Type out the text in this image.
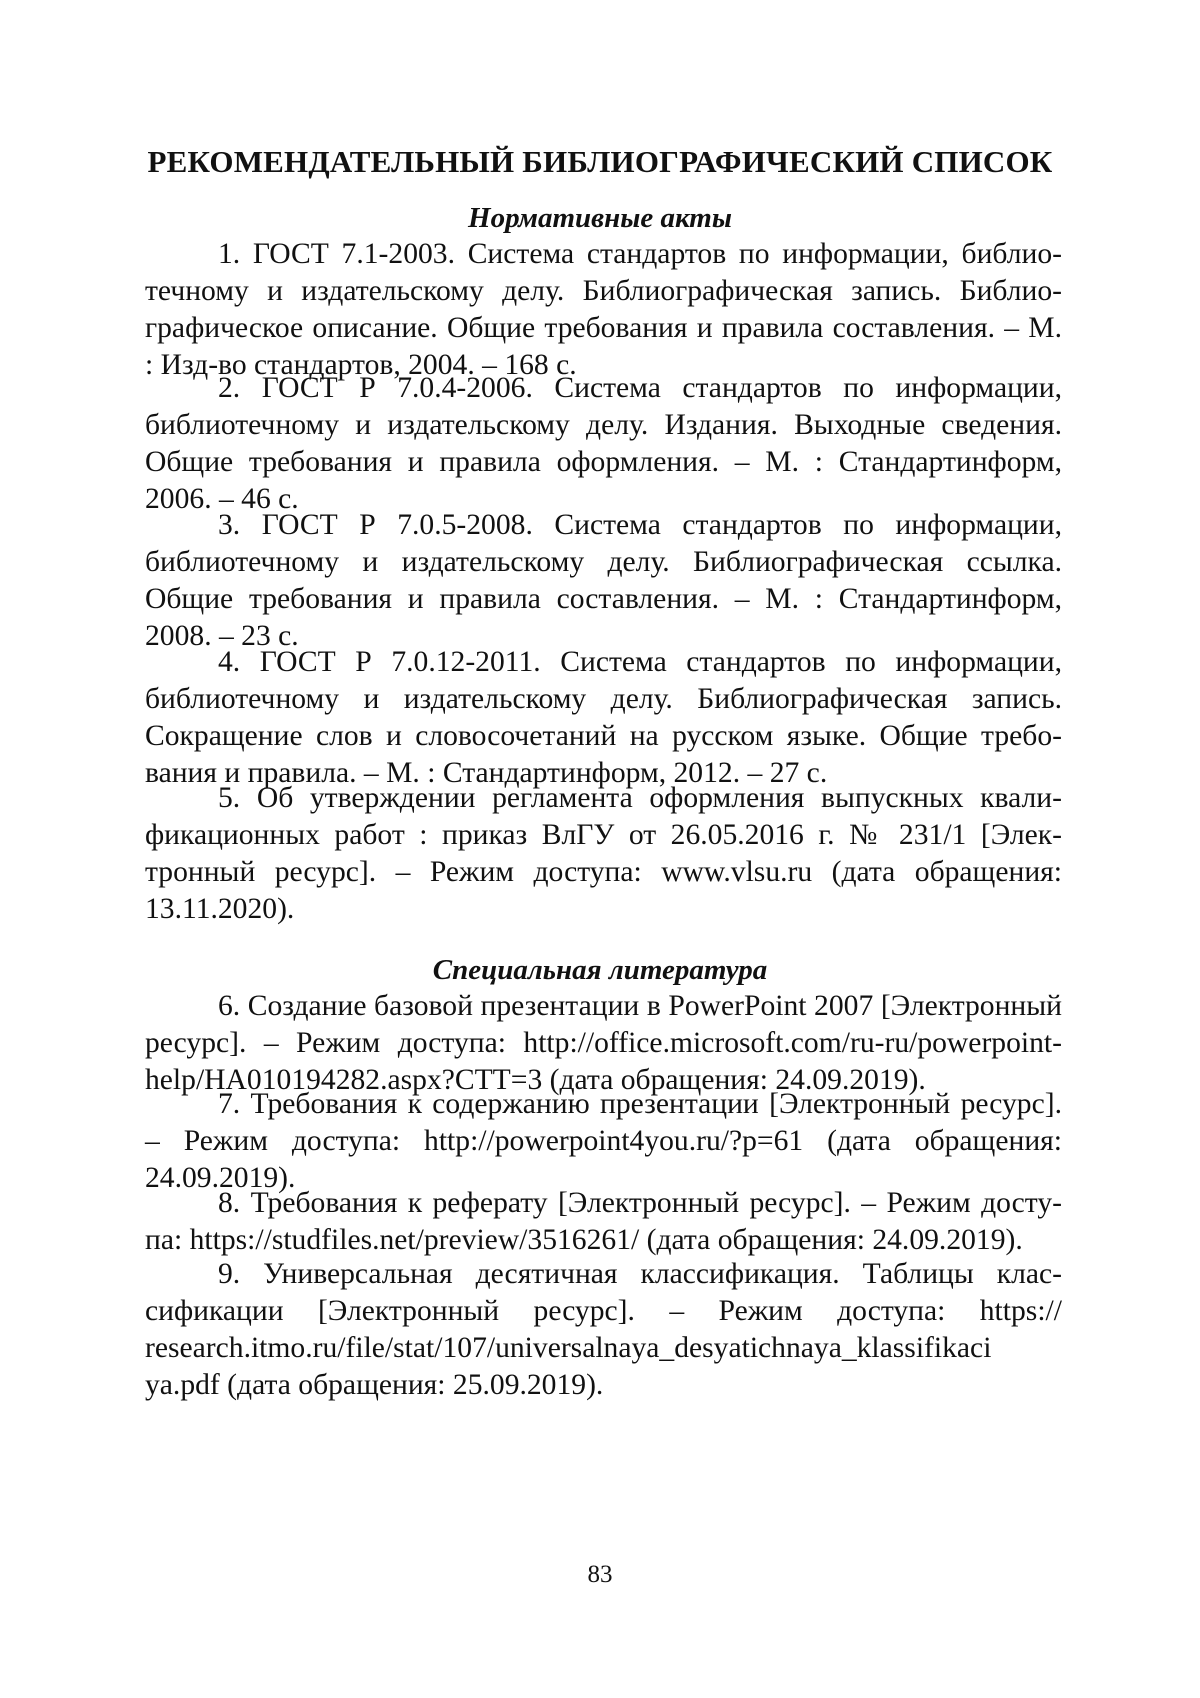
РЕКОМЕНДАТЕЛЬНЫЙ БИБЛИОГРАФИЧЕСКИЙ СПИСОК
Нормативные акты
1. ГОСТ 7.1-2003. Система стандартов по информации, библиотечному и издательскому делу. Библиографическая запись. Библиографическое описание. Общие требования и правила составления. – М. : Изд-во стандартов, 2004. – 168 с.
2. ГОСТ Р 7.0.4-2006. Система стандартов по информации, библиотечному и издательскому делу. Издания. Выходные сведения. Общие требования и правила оформления. – М. : Стандартинформ, 2006. – 46 с.
3. ГОСТ Р 7.0.5-2008. Система стандартов по информации, библиотечному и издательскому делу. Библиографическая ссылка. Общие требования и правила составления. – М. : Стандартинформ, 2008. – 23 с.
4. ГОСТ Р 7.0.12-2011. Система стандартов по информации, библиотечному и издательскому делу. Библиографическая запись. Сокращение слов и словосочетаний на русском языке. Общие требования и правила. – М. : Стандартинформ, 2012. – 27 с.
5. Об утверждении регламента оформления выпускных квалификационных работ : приказ ВлГУ от 26.05.2016 г. № 231/1 [Электронный ресурс]. – Режим доступа: www.vlsu.ru (дата обращения: 13.11.2020).
Специальная литература
6. Создание базовой презентации в PowerPoint 2007 [Электронный ресурс]. – Режим доступа: http://office.microsoft.com/ru-ru/powerpoint-help/HA010194282.aspx?CTT=3 (дата обращения: 24.09.2019).
7. Требования к содержанию презентации [Электронный ресурс]. – Режим доступа: http://powerpoint4you.ru/?p=61 (дата обращения: 24.09.2019).
8. Требования к реферату [Электронный ресурс]. – Режим доступа: https://studfiles.net/preview/3516261/ (дата обращения: 24.09.2019).
9. Универсальная десятичная классификация. Таблицы классификации [Электронный ресурс]. – Режим доступа: https:// research.itmo.ru/file/stat/107/universalnaya_desyatichnaya_klassifikaci ya.pdf (дата обращения: 25.09.2019).
83
